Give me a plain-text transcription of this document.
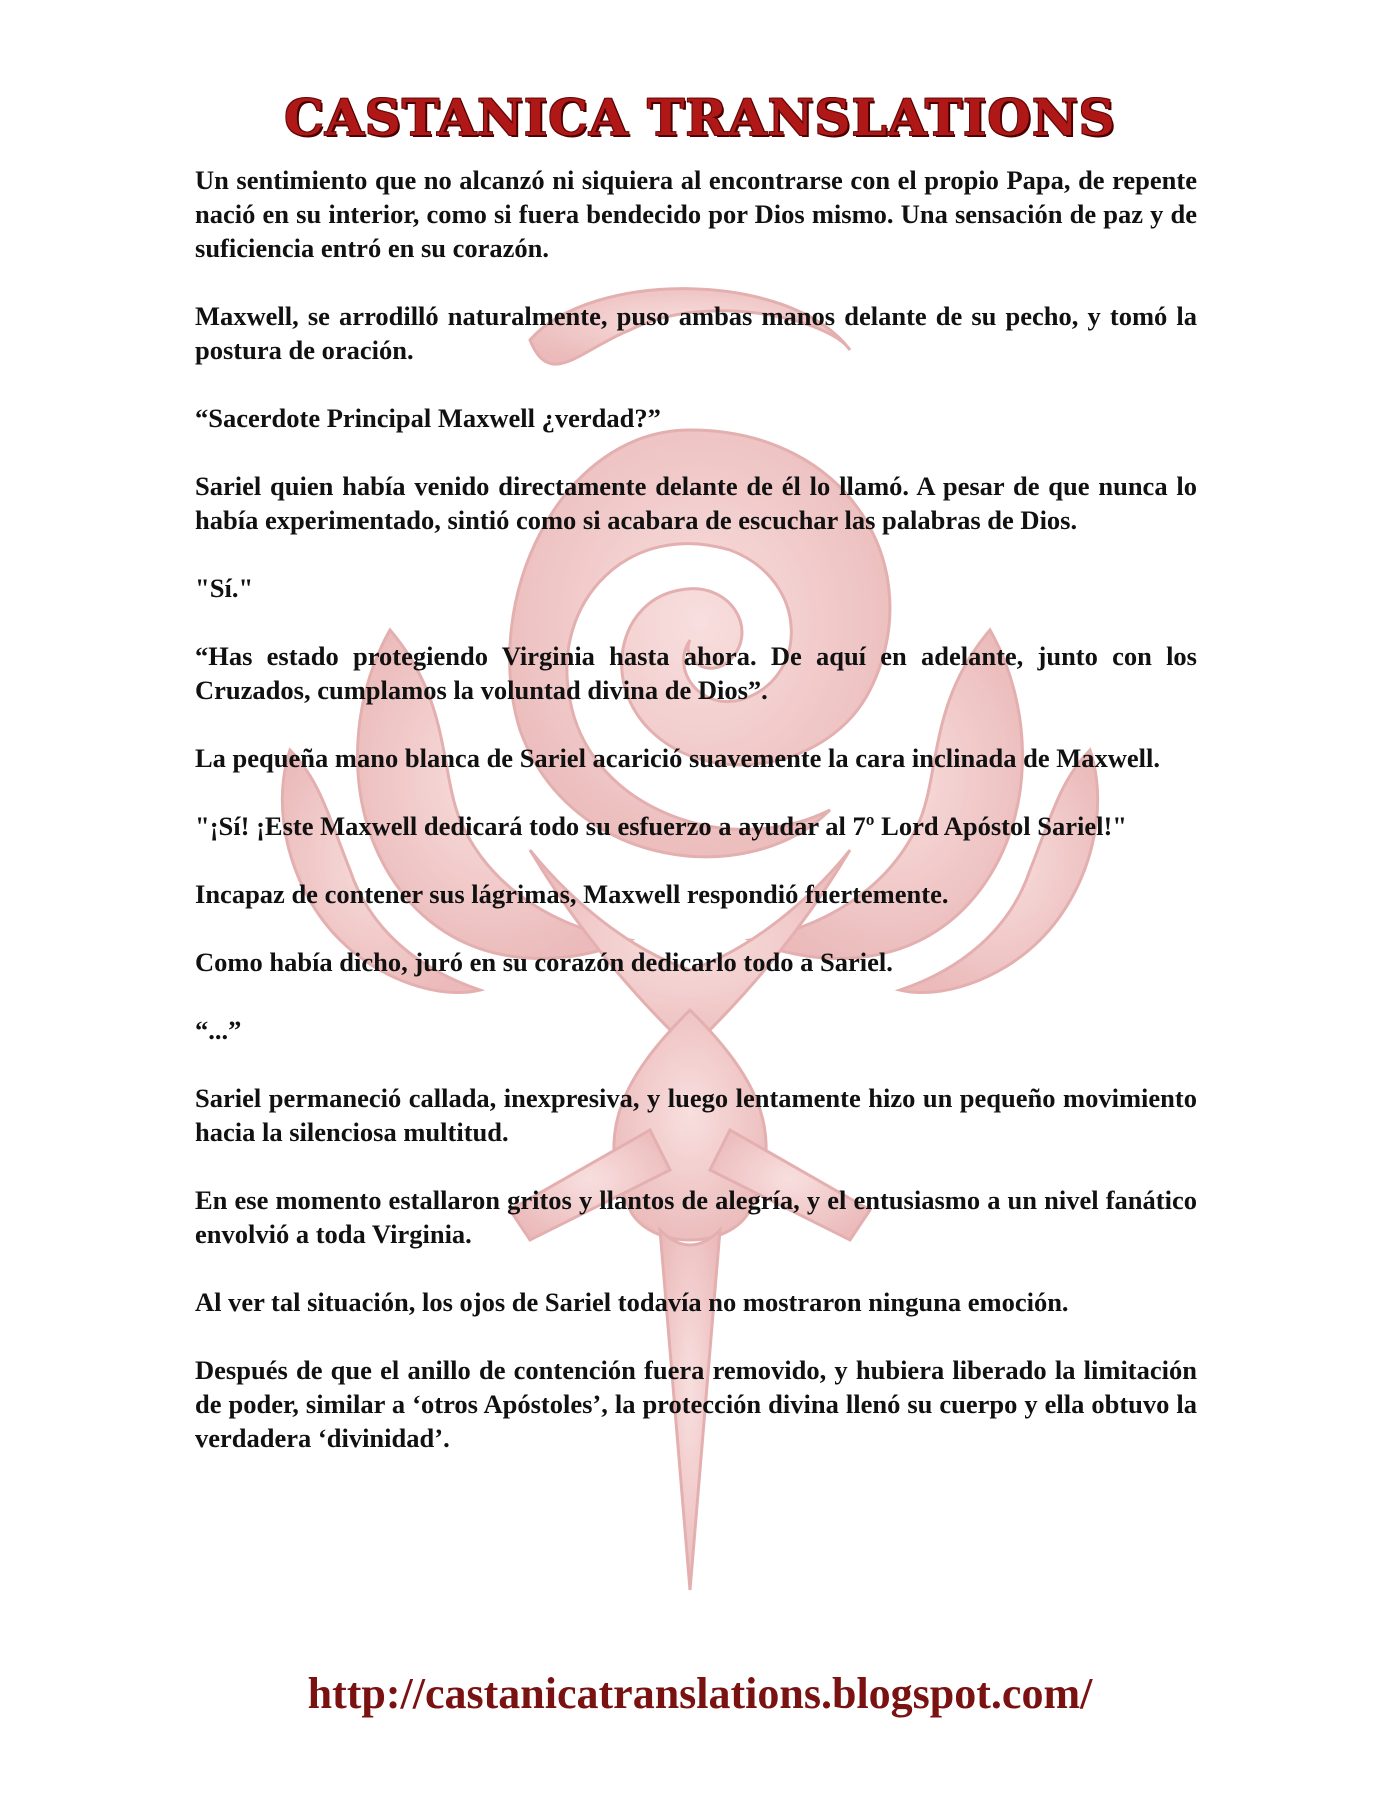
CASTANICA TRANSLATIONS

Un sentimiento que no alcanzó ni siquiera al encontrarse con el propio Papa, de repente nació en su interior, como si fuera bendecido por Dios mismo. Una sensación de paz y de suficiencia entró en su corazón.

Maxwell, se arrodilló naturalmente, puso ambas manos delante de su pecho, y tomó la postura de oración.

“Sacerdote Principal Maxwell ¿verdad?”

Sariel quien había venido directamente delante de él lo llamó. A pesar de que nunca lo había experimentado, sintió como si acabara de escuchar las palabras de Dios.

"Sí."

“Has estado protegiendo Virginia hasta ahora. De aquí en adelante, junto con los Cruzados, cumplamos la voluntad divina de Dios”.

La pequeña mano blanca de Sariel acarició suavemente la cara inclinada de Maxwell.

"¡Sí! ¡Este Maxwell dedicará todo su esfuerzo a ayudar al 7º Lord Apóstol Sariel!"

Incapaz de contener sus lágrimas, Maxwell respondió fuertemente.

Como había dicho, juró en su corazón dedicarlo todo a Sariel.

“...”

Sariel permaneció callada, inexpresiva, y luego lentamente hizo un pequeño movimiento hacia la silenciosa multitud.

En ese momento estallaron gritos y llantos de alegría, y el entusiasmo a un nivel fanático envolvió a toda Virginia.

Al ver tal situación, los ojos de Sariel todavía no mostraron ninguna emoción.

Después de que el anillo de contención fuera removido, y hubiera liberado la limitación de poder, similar a ‘otros Apóstoles’, la protección divina llenó su cuerpo y ella obtuvo la verdadera ‘divinidad’.

http://castanicatranslations.blogspot.com/
